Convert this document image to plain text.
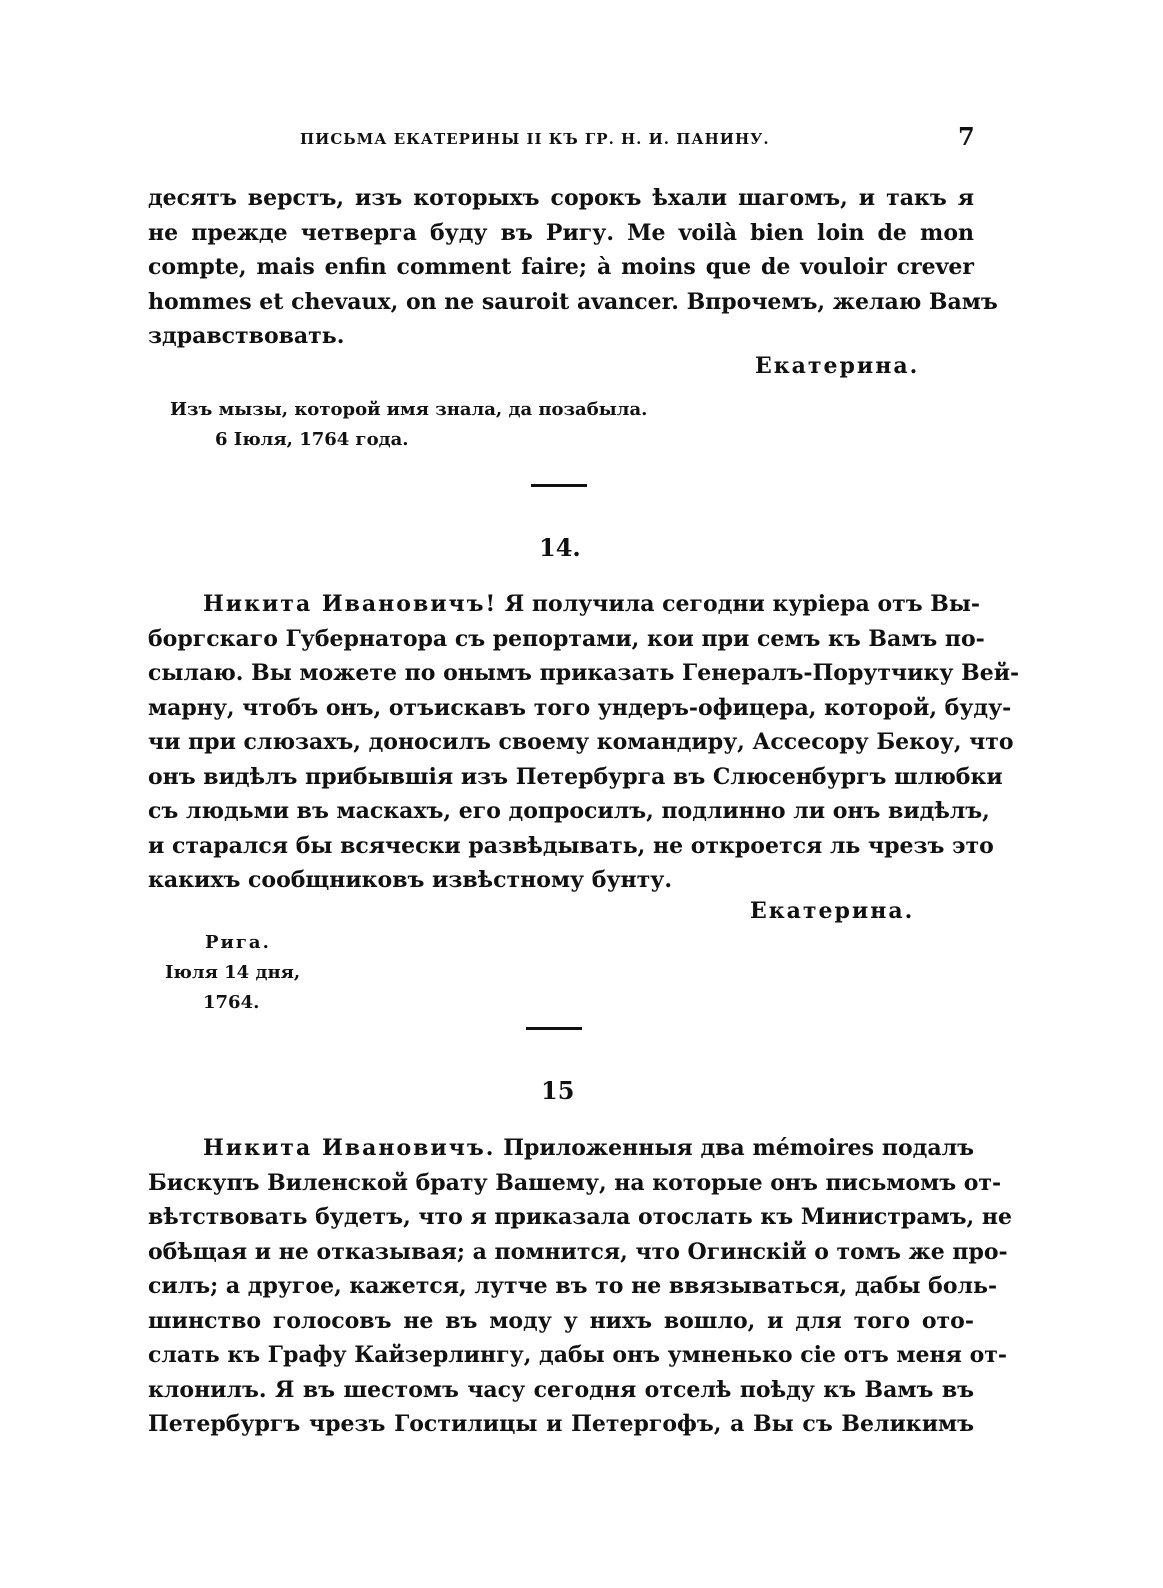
ПИСЬМА ЕКАТЕРИНЫ II КЪ ГР. Н. И. ПАНИНУ.	7
десятъ верстъ, изъ которыхъ сорокъ ѣхали шагомъ, и такъ я
не прежде четверга буду въ Ригу. Me voilà bien loin de mon
compte, mais enfin comment faire; à moins que de vouloir crever
hommes et chevaux, on ne sauroit avancer. Впрочемъ, желаю Вамъ
здравствовать.
Екатерина.
Изъ мызы, которой имя знала, да позабыла.
6 Іюля, 1764 года.
14.
Никита Ивановичъ! Я получила сегодни куріера отъ Вы-
боргскаго Губернатора съ репортами, кои при семъ къ Вамъ по-
сылаю. Вы можете по онымъ приказать Генералъ-Порутчику Вей-
марну, чтобъ онъ, отъискавъ того ундеръ-офицера, которой, буду-
чи при слюзахъ, доносилъ своему командиру, Ассесору Бекоу, что
онъ видѣлъ прибывшія изъ Петербурга въ Слюсенбургъ шлюбки
съ людьми въ маскахъ, его допросилъ, подлинно ли онъ видѣлъ,
и старался бы всячески развѣдывать, не откроется ль чрезъ это
какихъ сообщниковъ извѣстному бунту.
Екатерина.
Рига.
Іюля 14 дня,
1764.
15
Никита Ивановичъ. Приложенныя два mémoires подалъ
Бискупъ Виленской брату Вашему, на которые онъ письмомъ от-
вѣтствовать будетъ, что я приказала отослать къ Министрамъ, не
обѣщая и не отказывая; а помнится, что Огинскій о томъ же про-
силъ; а другое, кажется, лутче въ то не ввязываться, дабы боль-
шинство голосовъ не въ моду у нихъ вошло, и для того ото-
слать къ Графу Кайзерлингу, дабы онъ умненько сіе отъ меня от-
клонилъ. Я въ шестомъ часу сегодня отселѣ поѣду къ Вамъ въ
Петербургъ чрезъ Гостилицы и Петергофъ, а Вы съ Великимъ
